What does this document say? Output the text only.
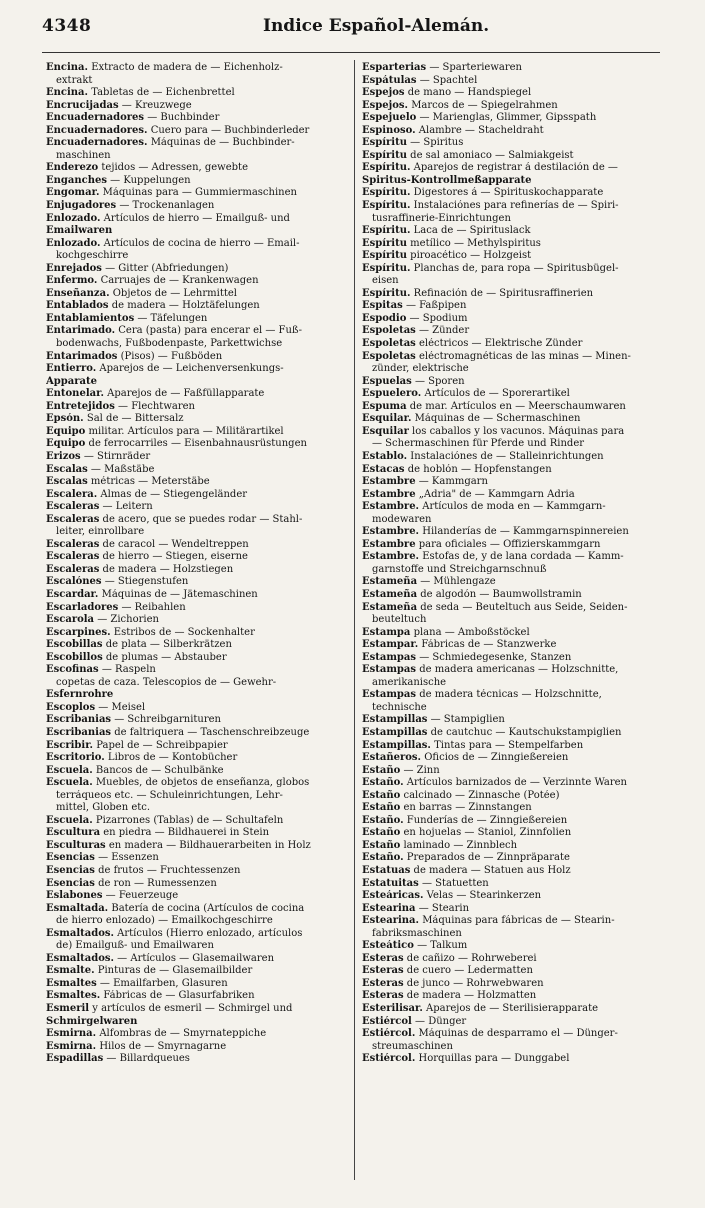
4348	Indice Español-Alemán.
Encina. Extracto de madera de — Eichenholz-
extrakt
Encina. Tabletas de — Eichenbrettel
Encrucijadas — Kreuzwege
Encuadernadores — Buchbinder
Encuadernadores. Cuero para — Buchbinderleder
Encuadernadores. Máquinas de — Buchbinder-
maschinen
Enderezo tejidos — Adressen, gewebte
Enganches — Kuppelungen
Engomar. Máquinas para — Gummiermaschinen
Enjugadores — Trockenanlagen
Enlozado. Artículos de hierro — Emailguß- und
Emailwaren
Enlozado. Artículos de cocina de hierro — Email-
kochgeschirre
Enrejados — Gitter (Abfriedungen)
Enfermo. Carruajes de — Krankenwagen
Enseñanza. Objetos de — Lehrmittel
Entablados de madera — Holztäfelungen
Entablamientos — Täfelungen
Entarimado. Cera (pasta) para encerar el — Fuß-
bodenwachs, Fußbodenpaste, Parkettwichse
Entarimados (Pisos) — Fußböden
Entierro. Aparejos de — Leichenversenkungs-
Apparate
Entonelar. Aparejos de — Faßfüllapparate
Entretejidos — Flechtwaren
Epsón. Sal de — Bittersalz
Equipo militar. Artículos para — Militärartikel
Equipo de ferrocarriles — Eisenbahnausrüstungen
Erizos — Stirnräder
Escalas — Maßstäbe
Escalas métricas — Meterstäbe
Escalera. Almas de — Stiegengeländer
Escaleras — Leitern
Escaleras de acero, que se puedes rodar — Stahl-
leiter, einrollbare
Escaleras de caracol — Wendeltreppen
Escaleras de hierro — Stiegen, eiserne
Escaleras de madera — Holzstiegen
Escalónes — Stiegenstufen
Escardar. Máquinas de — Jätemaschinen
Escarladores — Reibahlen
Escarola — Zichorien
Escarpines. Estribos de — Sockenhalter
Escobillas de plata — Silberkrätzen
Escobillos de plumas — Abstauber
Escofinas — Raspeln
copetas de caza. Telescopios de — Gewehr-
Esfernrohre
Escoplos — Meisel
Escribanias — Schreibgarnituren
Escribanias de faltriquera — Taschenschreibzeuge
Escribir. Papel de — Schreibpapier
Escritorio. Libros de — Kontobücher
Escuela. Bancos de — Schulbänke
Escuela. Muebles, de objetos de enseñanza, globos
terráqueos etc. — Schuleinrichtungen, Lehr-
mittel, Globen etc.
Escuela. Pizarrones (Tablas) de — Schultafeln
Escultura en piedra — Bildhauerei in Stein
Esculturas en madera — Bildhauerarbeiten in Holz
Esencias — Essenzen
Esencias de frutos — Fruchtessenzen
Esencias de ron — Rumessenzen
Eslabones — Feuerzeuge
Esmaltada. Batería de cocina (Artículos de cocina
de hierro enlozado) — Emailkochgeschirre
Esmaltados. Artículos (Hierro enlozado, artículos
de) Emailguß- und Emailwaren
Esmaltados. — Artículos — Glasemailwaren
Esmalte. Pinturas de — Glasemailbilder
Esmaltes — Emailfarben, Glasuren
Esmaltes. Fábricas de — Glasurfabriken
Esmeril y artículos de esmeril — Schmirgel und
Schmirgelwaren
Esmirna. Alfombras de — Smyrnateppiche
Esmirna. Hilos de — Smyrnagarne
Espadillas — Billardqueues
Esparterias — Sparteriewaren
Espátulas — Spachtel
Espejos de mano — Handspiegel
Espejos. Marcos de — Spiegelrahmen
Espejuelo — Marienglas, Glimmer, Gipsspath
Espinoso. Alambre — Stacheldraht
Espíritu — Spiritus
Espíritu de sal amoniaco — Salmiakgeist
Espíritu. Aparejos de registrar á destilación de —
Spiritus-Kontrollmeßapparate
Espíritu. Digestores á — Spirituskochapparate
Espíritu. Instalaciónes para refinerías de — Spiri-
tusraffinerie-Einrichtungen
Espíritu. Laca de — Spirituslack
Espíritu metílico — Methylspiritus
Espíritu piroacético — Holzgeist
Espíritu. Planchas de, para ropa — Spiritusbügel-
eisen
Espíritu. Refinación de — Spiritusraffinerien
Espitas — Faßpipen
Espodio — Spodium
Espoletas — Zünder
Espoletas eléctricos — Elektrische Zünder
Espoletas eléctromagnéticas de las minas — Minen-
zünder, elektrische
Espuelas — Sporen
Espuelero. Artículos de — Sporerartikel
Espuma de mar. Artículos en — Meerschaumwaren
Esquilar. Máquinas de — Schermaschinen
Esquilar los caballos y los vacunos. Máquinas para
— Schermaschinen für Pferde und Rinder
Establo. Instalaciónes de — Stalleinrichtungen
Estacas de hoblón — Hopfenstangen
Estambre — Kammgarn
Estambre „Adria" de — Kammgarn Adria
Estambre. Artículos de moda en — Kammgarn-
modewaren
Estambre. Hilanderías de — Kammgarnspinnereien
Estambre para oficiales — Offizierskammgarn
Estambre. Estofas de, y de lana cordada — Kamm-
garnstoffe und Streichgarnschnuß
Estameña — Mühlengaze
Estameña de algodón — Baumwollstramin
Estameña de seda — Beuteltuch aus Seide, Seiden-
beuteltuch
Estampa plana — Amboßstöckel
Estampar. Fábricas de — Stanzwerke
Estampas — Schmiedegesenke, Stanzen
Estampas de madera americanas — Holzschnitte,
amerikanische
Estampas de madera técnicas — Holzschnitte,
technische
Estampillas — Stampiglien
Estampillas de cautchuc — Kautschukstampiglien
Estampillas. Tintas para — Stempelfarben
Estañeros. Oficios de — Zinngießereien
Estaño — Zinn
Estaño. Artículos barnizados de — Verzinnte Waren
Estaño calcinado — Zinnasche (Potée)
Estaño en barras — Zinnstangen
Estaño. Funderías de — Zinngießereien
Estaño en hojuelas — Staniol, Zinnfolien
Estaño laminado — Zinnblech
Estaño. Preparados de — Zinnpräparate
Estatuas de madera — Statuen aus Holz
Estatuitas — Statuetten
Esteáricas. Velas — Stearinkerzen
Estearina — Stearin
Estearina. Máquinas para fábricas de — Stearin-
fabriksmaschinen
Esteático — Talkum
Esteras de cañizo — Rohrweberei
Esteras de cuero — Ledermatten
Esteras de junco — Rohrwebwaren
Esteras de madera — Holzmatten
Esterilisar. Aparejos de — Sterilisierapparate
Estiércol — Dünger
Estiércol. Máquinas de desparramo el — Dünger-
streumaschinen
Estiércol. Horquillas para — Dunggabel
